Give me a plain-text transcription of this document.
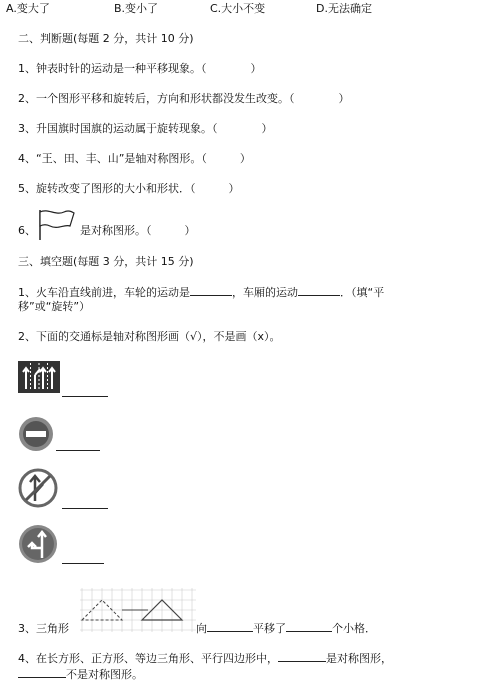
A.变大了	B.变小了	C.大小不变	D.无法确定
二、判断题(每题 2 分，共计 10 分)
1、钟表时针的运动是一种平移现象。（　　　　）
2、一个图形平移和旋转后，方向和形状都没发生改变。（　　　　）
3、升国旗时国旗的运动属于旋转现象。（　　　　）
4、“王、田、丰、山”是轴对称图形。（　　　）
5、旋转改变了图形的大小和形状．（　　　）
6、	是对称图形。（　　　）
三、填空题(每题 3 分，共计 15 分)
1、火车沿直线前进，车轮的运动是	，车厢的运动	．（填“平
移”或“旋转”）
2、下面的交通标是轴对称图形画（√），不是画（x）。
3、三角形	向	平移了	个小格．
4、在长方形、正方形、等边三角形、平行四边形中，	是对称图形，
不是对称图形。
